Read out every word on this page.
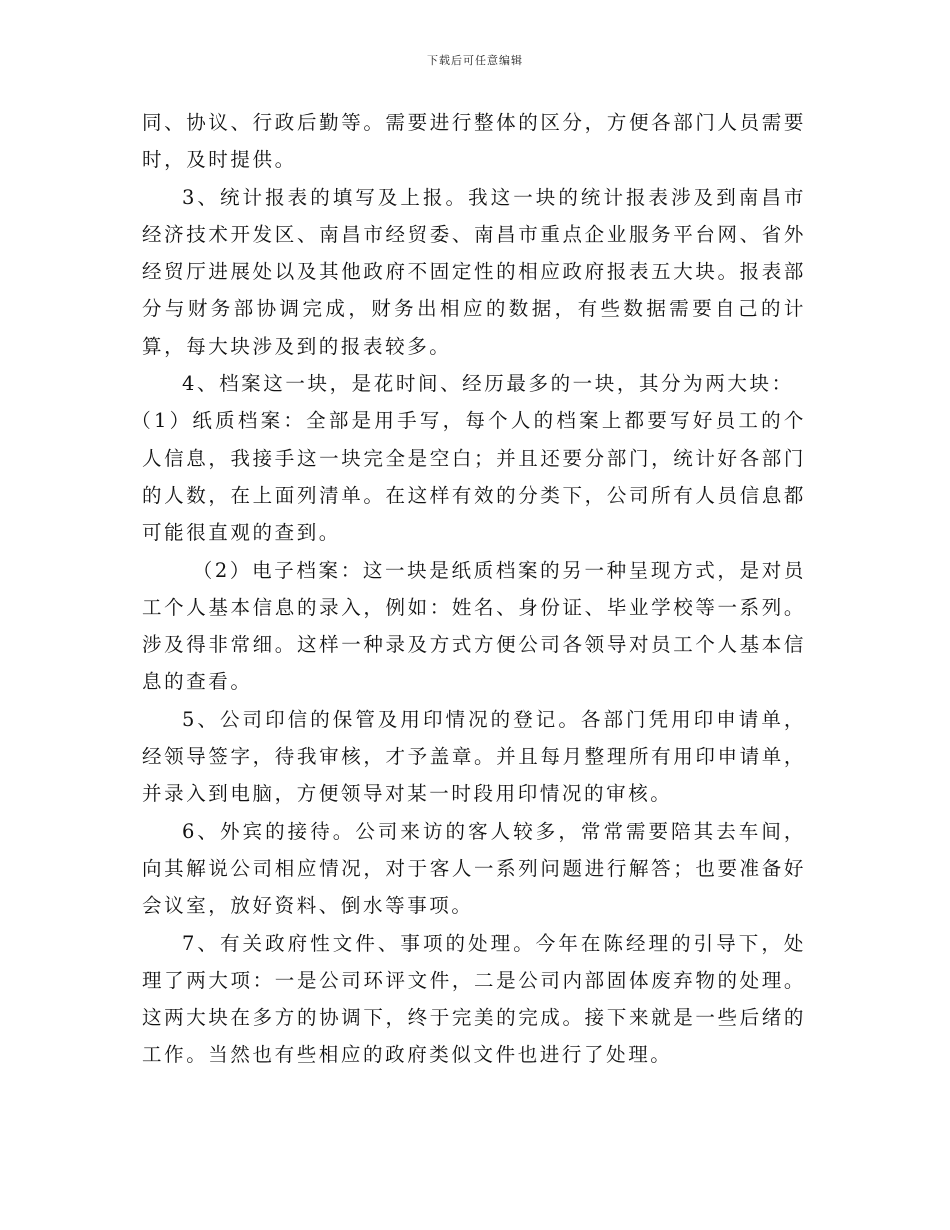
下载后可任意编辑

同、协议、行政后勤等。需要进行整体的区分，方便各部门人员需要时，及时提供。

3、统计报表的填写及上报。我这一块的统计报表涉及到南昌市经济技术开发区、南昌市经贸委、南昌市重点企业服务平台网、省外经贸厅进展处以及其他政府不固定性的相应政府报表五大块。报表部分与财务部协调完成，财务出相应的数据，有些数据需要自己的计算，每大块涉及到的报表较多。

4、档案这一块，是花时间、经历最多的一块，其分为两大块：

（1）纸质档案：全部是用手写，每个人的档案上都要写好员工的个人信息，我接手这一块完全是空白；并且还要分部门，统计好各部门的人数，在上面列清单。在这样有效的分类下，公司所有人员信息都可能很直观的查到。

（2）电子档案：这一块是纸质档案的另一种呈现方式，是对员工个人基本信息的录入，例如：姓名、身份证、毕业学校等一系列。涉及得非常细。这样一种录及方式方便公司各领导对员工个人基本信息的查看。

5、公司印信的保管及用印情况的登记。各部门凭用印申请单，经领导签字，待我审核，才予盖章。并且每月整理所有用印申请单，并录入到电脑，方便领导对某一时段用印情况的审核。

6、外宾的接待。公司来访的客人较多，常常需要陪其去车间，向其解说公司相应情况，对于客人一系列问题进行解答；也要准备好会议室，放好资料、倒水等事项。

7、有关政府性文件、事项的处理。今年在陈经理的引导下，处理了两大项：一是公司环评文件，二是公司内部固体废弃物的处理。这两大块在多方的协调下，终于完美的完成。接下来就是一些后绪的工作。当然也有些相应的政府类似文件也进行了处理。
